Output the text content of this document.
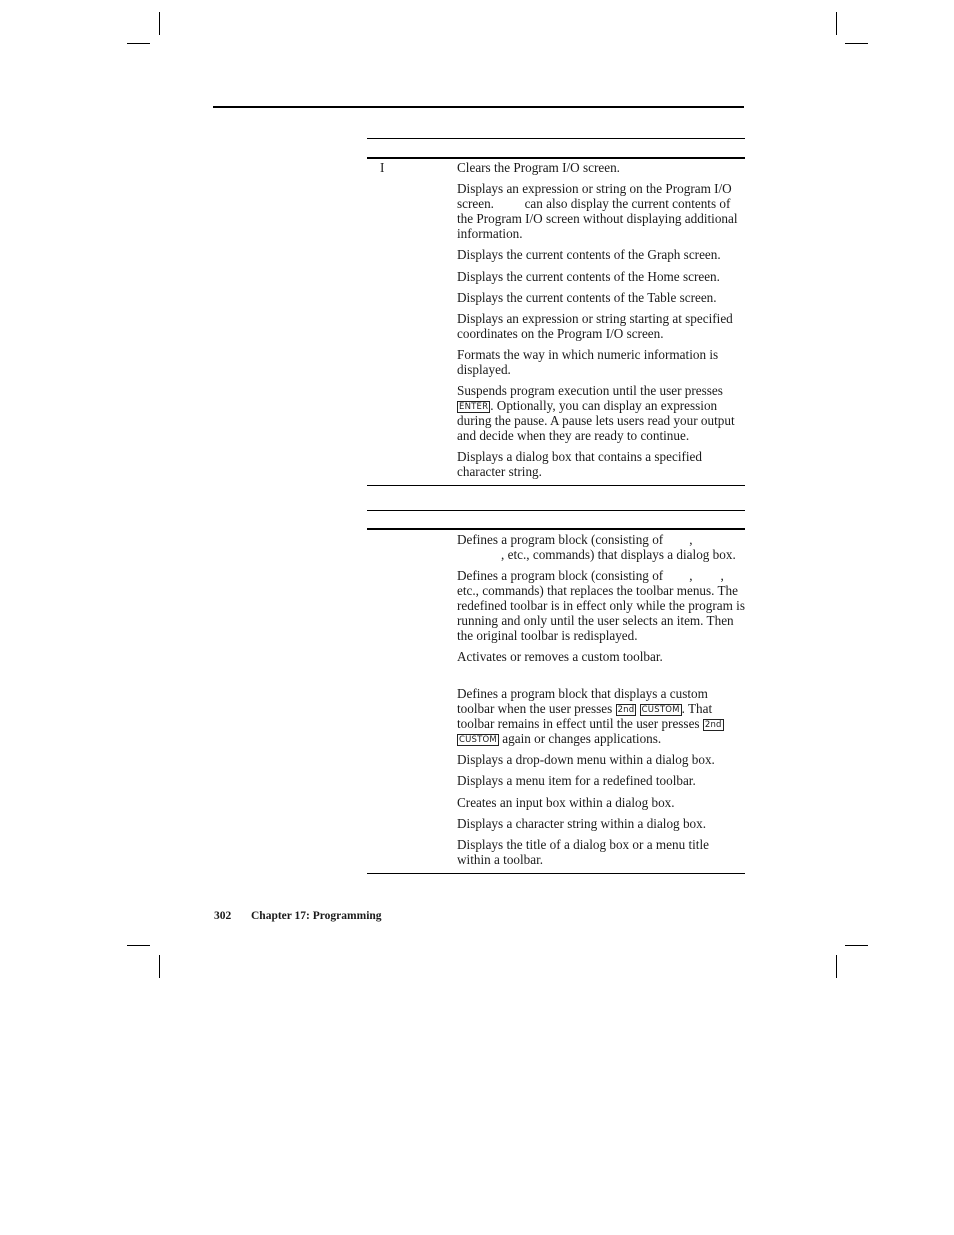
I	Clears the Program I/O screen.
Displays an expression or string on the Program I/O screen. can also display the current contents of the Program I/O screen without displaying additional information.
Displays the current contents of the Graph screen.
Displays the current contents of the Home screen.
Displays the current contents of the Table screen.
Displays an expression or string starting at specified coordinates on the Program I/O screen.
Formats the way in which numeric information is displayed.
Suspends program execution until the user presses ENTER . Optionally, you can display an expression during the pause. A pause lets users read your output and decide when they are ready to continue.
Displays a dialog box that contains a specified character string.
Defines a program block (consisting of ,
, etc., commands) that displays a dialog box.
Defines a program block (consisting of , , etc., commands) that replaces the toolbar menus. The redefined toolbar is in effect only while the program is running and only until the user selects an item. Then the original toolbar is redisplayed.
Activates or removes a custom toolbar.
Defines a program block that displays a custom toolbar when the user presses 2nd CUSTOM . That toolbar remains in effect until the user presses 2nd CUSTOM again or changes applications.
Displays a drop-down menu within a dialog box.
Displays a menu item for a redefined toolbar.
Creates an input box within a dialog box.
Displays a character string within a dialog box.
Displays the title of a dialog box or a menu title within a toolbar.
302 Chapter 17: Programming
